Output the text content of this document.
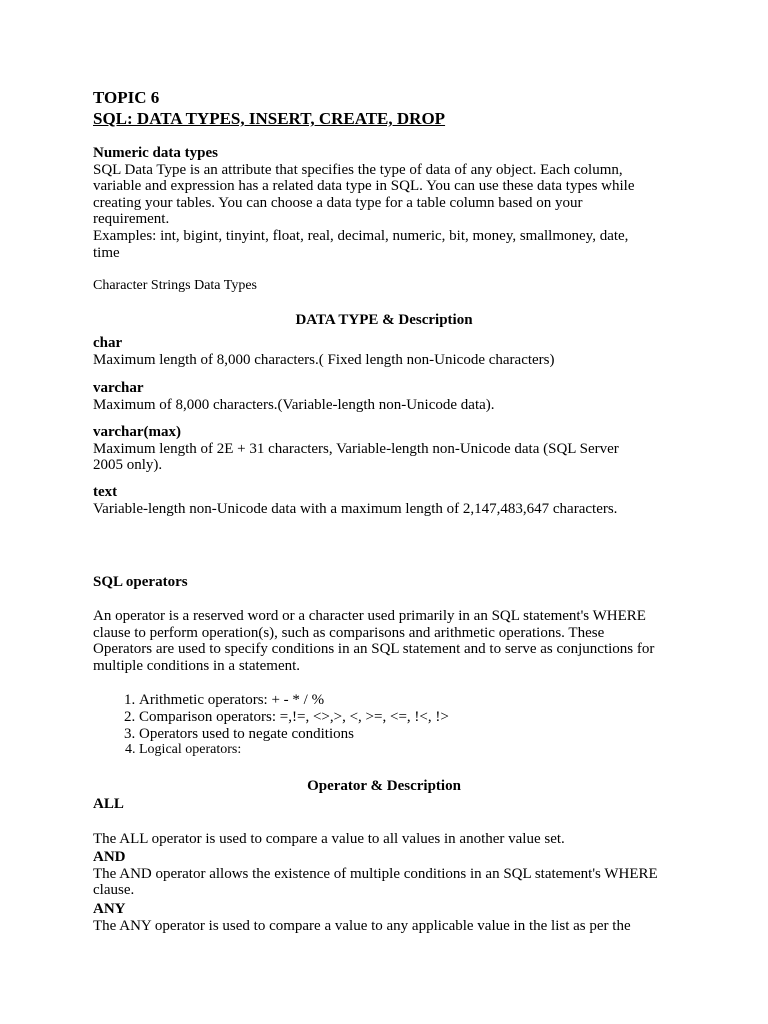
TOPIC 6
SQL: DATA TYPES, INSERT, CREATE, DROP
Numeric data types
SQL Data Type is an attribute that specifies the type of data of any object. Each column,
variable and expression has a related data type in SQL. You can use these data types while
creating your tables. You can choose a data type for a table column based on your
requirement.
Examples: int, bigint, tinyint, float, real, decimal, numeric, bit, money, smallmoney, date,
time
Character Strings Data Types
DATA TYPE & Description
char
Maximum length of 8,000 characters.( Fixed length non-Unicode characters)
varchar
Maximum of 8,000 characters.(Variable-length non-Unicode data).
varchar(max)
Maximum length of 2E + 31 characters, Variable-length non-Unicode data (SQL Server
2005 only).
text
Variable-length non-Unicode data with a maximum length of 2,147,483,647 characters.
SQL operators
An operator is a reserved word or a character used primarily in an SQL statement's WHERE
clause to perform operation(s), such as comparisons and arithmetic operations. These
Operators are used to specify conditions in an SQL statement and to serve as conjunctions for
multiple conditions in a statement.
1. Arithmetic operators: + - * / %
2. Comparison operators: =,!=, <>,>, <, >=, <=, !<, !>
3. Operators used to negate conditions
4. Logical operators:
Operator & Description
ALL
The ALL operator is used to compare a value to all values in another value set.
AND
The AND operator allows the existence of multiple conditions in an SQL statement's WHERE
clause.
ANY
The ANY operator is used to compare a value to any applicable value in the list as per the
